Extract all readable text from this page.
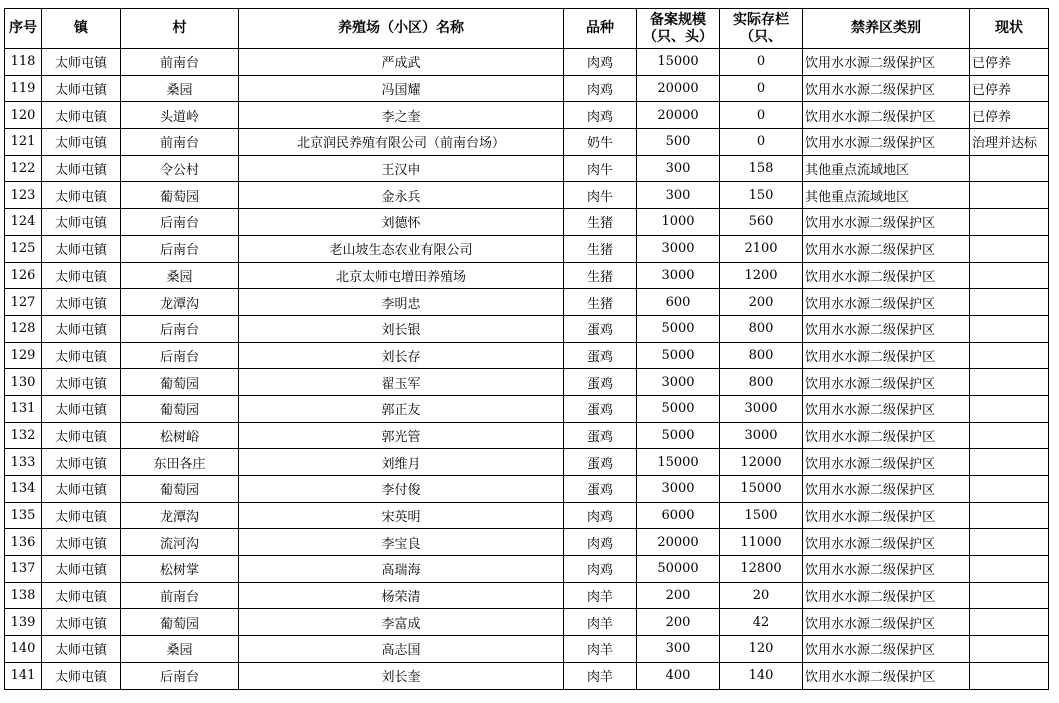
序号	镇	村	养殖场（小区）名称	品种	备案规模（只、头）	实际存栏（只、	禁养区类别	现状
118	太师屯镇	前南台	严成武	肉鸡	15000	0	饮用水水源二级保护区	已停养
119	太师屯镇	桑园	冯国耀	肉鸡	20000	0	饮用水水源二级保护区	已停养
120	太师屯镇	头道岭	李之奎	肉鸡	20000	0	饮用水水源二级保护区	已停养
121	太师屯镇	前南台	北京润民养殖有限公司（前南台场）	奶牛	500	0	饮用水水源二级保护区	治理并达标
122	太师屯镇	令公村	王汉申	肉牛	300	158	其他重点流域地区	
123	太师屯镇	葡萄园	金永兵	肉牛	300	150	其他重点流域地区	
124	太师屯镇	后南台	刘德怀	生猪	1000	560	饮用水水源二级保护区	
125	太师屯镇	后南台	老山坡生态农业有限公司	生猪	3000	2100	饮用水水源二级保护区	
126	太师屯镇	桑园	北京太师屯增田养殖场	生猪	3000	1200	饮用水水源二级保护区	
127	太师屯镇	龙潭沟	李明忠	生猪	600	200	饮用水水源二级保护区	
128	太师屯镇	后南台	刘长银	蛋鸡	5000	800	饮用水水源二级保护区	
129	太师屯镇	后南台	刘长存	蛋鸡	5000	800	饮用水水源二级保护区	
130	太师屯镇	葡萄园	翟玉军	蛋鸡	3000	800	饮用水水源二级保护区	
131	太师屯镇	葡萄园	郭正友	蛋鸡	5000	3000	饮用水水源二级保护区	
132	太师屯镇	松树峪	郭光管	蛋鸡	5000	3000	饮用水水源二级保护区	
133	太师屯镇	东田各庄	刘维月	蛋鸡	15000	12000	饮用水水源二级保护区	
134	太师屯镇	葡萄园	李付俊	蛋鸡	3000	15000	饮用水水源二级保护区	
135	太师屯镇	龙潭沟	宋英明	肉鸡	6000	1500	饮用水水源二级保护区	
136	太师屯镇	流河沟	李宝良	肉鸡	20000	11000	饮用水水源二级保护区	
137	太师屯镇	松树掌	高瑞海	肉鸡	50000	12800	饮用水水源二级保护区	
138	太师屯镇	前南台	杨荣清	肉羊	200	20	饮用水水源二级保护区	
139	太师屯镇	葡萄园	李富成	肉羊	200	42	饮用水水源二级保护区	
140	太师屯镇	桑园	高志国	肉羊	300	120	饮用水水源二级保护区	
141	太师屯镇	后南台	刘长奎	肉羊	400	140	饮用水水源二级保护区	
